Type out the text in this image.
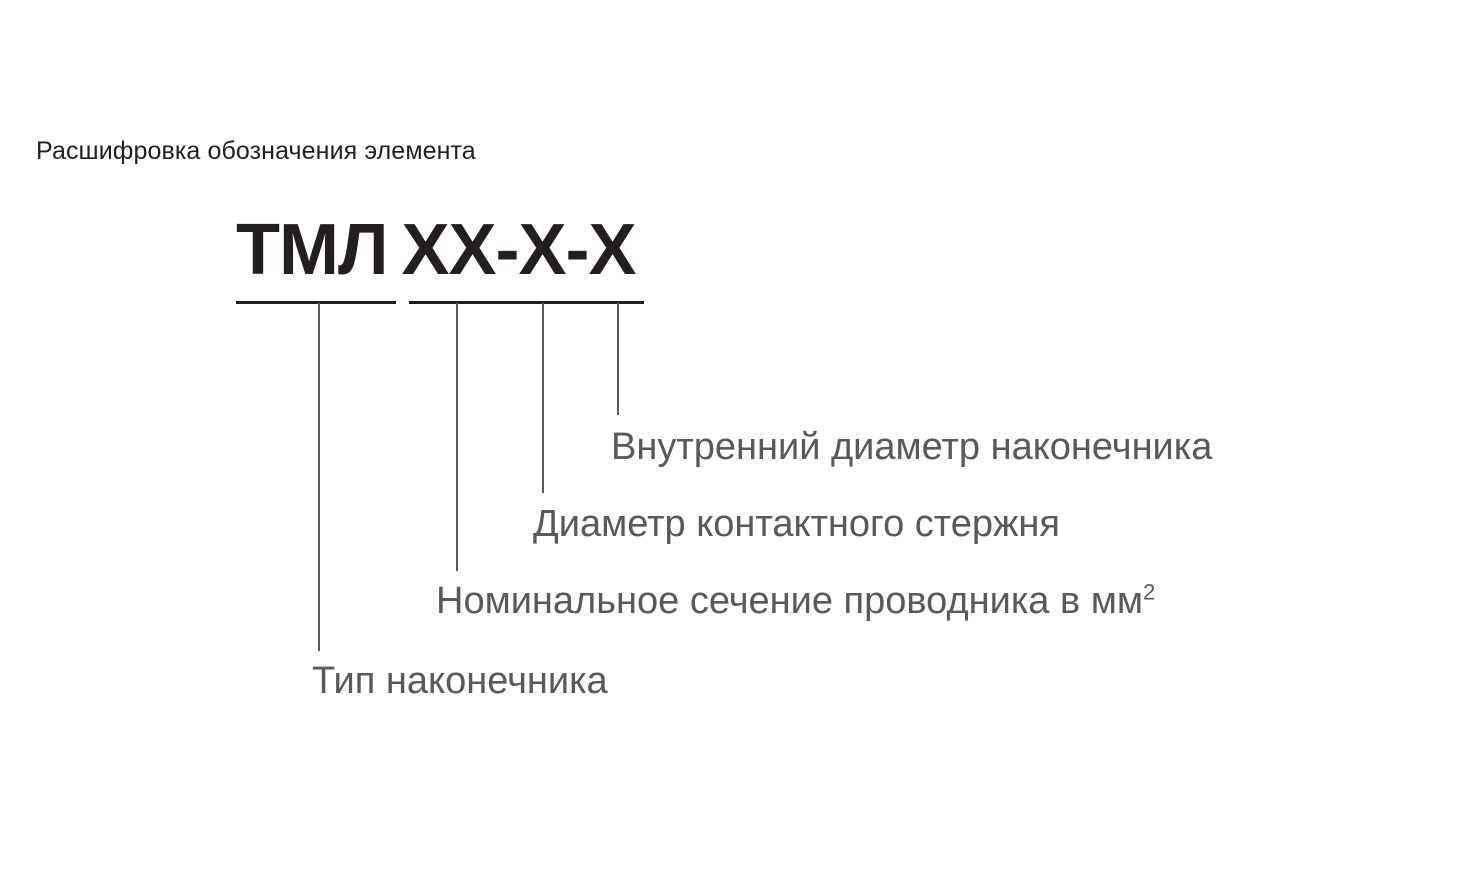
Расшифровка обозначения элемента
ТМЛ XX-X-X
Внутренний диаметр наконечника
Диаметр контактного стержня
Номинальное сечение проводника в $мм^2$
Тип наконечника
